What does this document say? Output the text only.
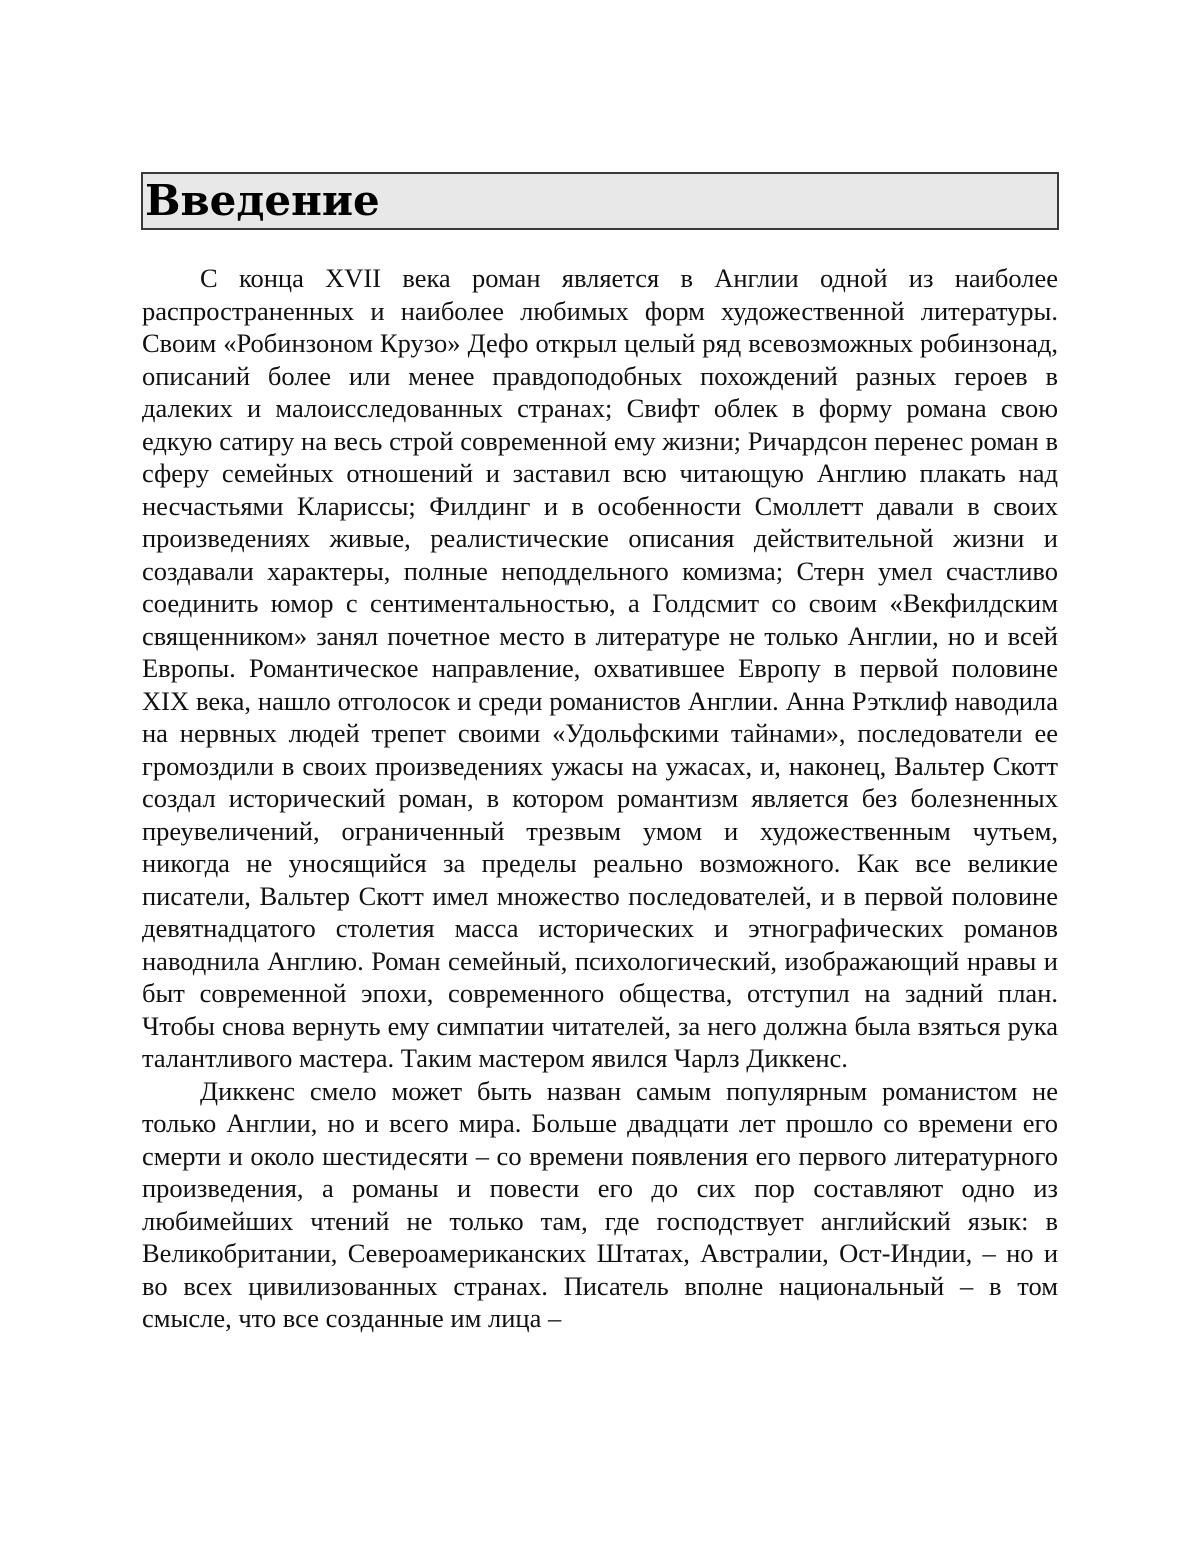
Введение

С конца XVII века роман является в Англии одной из наиболее распространенных и наиболее любимых форм художественной литературы. Своим «Робинзоном Крузо» Дефо открыл целый ряд всевозможных робинзонад, описаний более или менее правдоподобных похождений разных героев в далеких и малоисследованных странах; Свифт облек в форму романа свою едкую сатиру на весь строй современной ему жизни; Ричардсон перенес роман в сферу семейных отношений и заставил всю читающую Англию плакать над несчастьями Клариссы; Филдинг и в особенности Смоллетт давали в своих произведениях живые, реалистические описания действительной жизни и создавали характеры, полные неподдельного комизма; Стерн умел счастливо соединить юмор с сентиментальностью, а Голдсмит со своим «Векфилдским священником» занял почетное место в литературе не только Англии, но и всей Европы. Романтическое направление, охватившее Европу в первой половине XIX века, нашло отголосок и среди романистов Англии. Анна Рэтклиф наводила на нервных людей трепет своими «Удольфскими тайнами», последователи ее громоздили в своих произведениях ужасы на ужасах, и, наконец, Вальтер Скотт создал исторический роман, в котором романтизм является без болезненных преувеличений, ограниченный трезвым умом и художественным чутьем, никогда не уносящийся за пределы реально возможного. Как все великие писатели, Вальтер Скотт имел множество последователей, и в первой половине девятнадцатого столетия масса исторических и этнографических романов наводнила Англию. Роман семейный, психологический, изображающий нравы и быт современной эпохи, современного общества, отступил на задний план. Чтобы снова вернуть ему симпатии читателей, за него должна была взяться рука талантливого мастера. Таким мастером явился Чарлз Диккенс.

Диккенс смело может быть назван самым популярным романистом не только Англии, но и всего мира. Больше двадцати лет прошло со времени его смерти и около шестидесяти – со времени появления его первого литературного произведения, а романы и повести его до сих пор составляют одно из любимейших чтений не только там, где господствует английский язык: в Великобритании, Североамериканских Штатах, Австралии, Ост-Индии, – но и во всех цивилизованных странах. Писатель вполне национальный – в том смысле, что все созданные им лица –
